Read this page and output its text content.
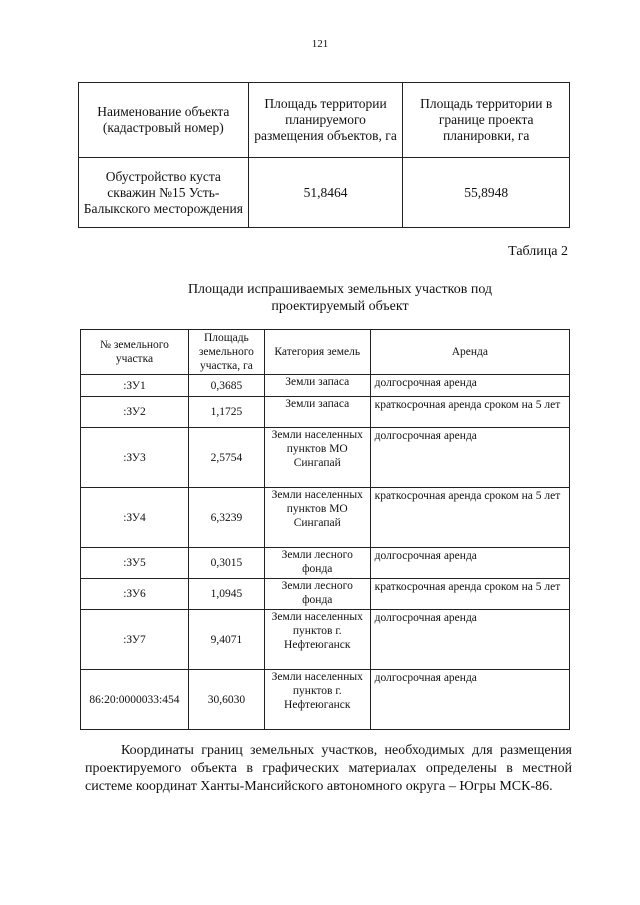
121
Наименование объекта (кадастровый номер)	Площадь территории планируемого размещения объектов, га	Площадь территории в границе проекта планировки, га
Обустройство куста скважин №15 Усть-Балыкского месторождения	51,8464	55,8948
Таблица 2
Площади испрашиваемых земельных участков под проектируемый объект
№ земельного участка	Площадь земельного участка, га	Категория земель	Аренда
:ЗУ1	0,3685	Земли запаса	долгосрочная аренда
:ЗУ2	1,1725	Земли запаса	краткосрочная аренда сроком на 5 лет
:ЗУ3	2,5754	Земли населенных пунктов МО Сингапай	долгосрочная аренда
:ЗУ4	6,3239	Земли населенных пунктов МО Сингапай	краткосрочная аренда сроком на 5 лет
:ЗУ5	0,3015	Земли лесного фонда	долгосрочная аренда
:ЗУ6	1,0945	Земли лесного фонда	краткосрочная аренда сроком на 5 лет
:ЗУ7	9,4071	Земли населенных пунктов г. Нефтеюганск	долгосрочная аренда
86:20:0000033:454	30,6030	Земли населенных пунктов г. Нефтеюганск	долгосрочная аренда

Координаты границ земельных участков, необходимых для размещения проектируемого объекта в графических материалах определены в местной системе координат Ханты-Мансийского автономного округа – Югры МСК-86.
